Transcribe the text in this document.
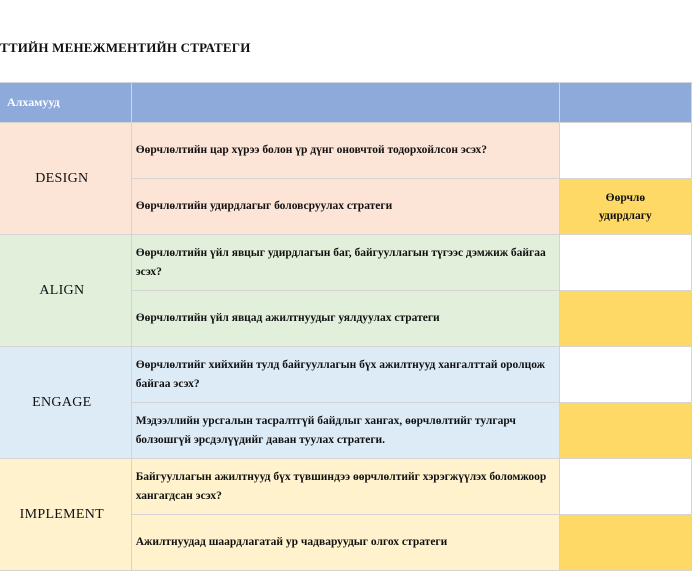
ТТИЙН МЕНЕЖМЕНТИЙН СТРАТЕГИ
Алхамууд		
DESIGN	Өөрчлөлтийн цар хүрээ болон үр дүнг оновчтой тодорхойлсон эсэх?	
	Өөрчлөлтийн удирдлагыг боловсруулах стратеги	Өөрчлө
удирдлагу

ALIGN	Өөрчлөлтийн үйл явцыг удирдлагын баг, байгууллагын түгээс дэмжиж байгаа эсэх?	
	Өөрчлөлтийн үйл явцад ажилтнуудыг уялдуулах стратеги	
ENGAGE	Өөрчлөлтийг хийхийн тулд байгууллагын бүх ажилтнууд хангалттай оролцож байгаа эсэх?	
	Мэдээллийн урсгалын тасралтгүй байдлыг хангах, өөрчлөлтийг тулгарч болзошгүй эрсдэлүүдийг даван туулах стратеги.	
IMPLEMENT	Байгууллагын ажилтнууд бүх түвшиндээ өөрчлөлтийг хэрэгжүүлэх боломжоор хангагдсан эсэх?	
	Ажилтнуудад шаардлагатай ур чадваруудыг олгох стратеги	
